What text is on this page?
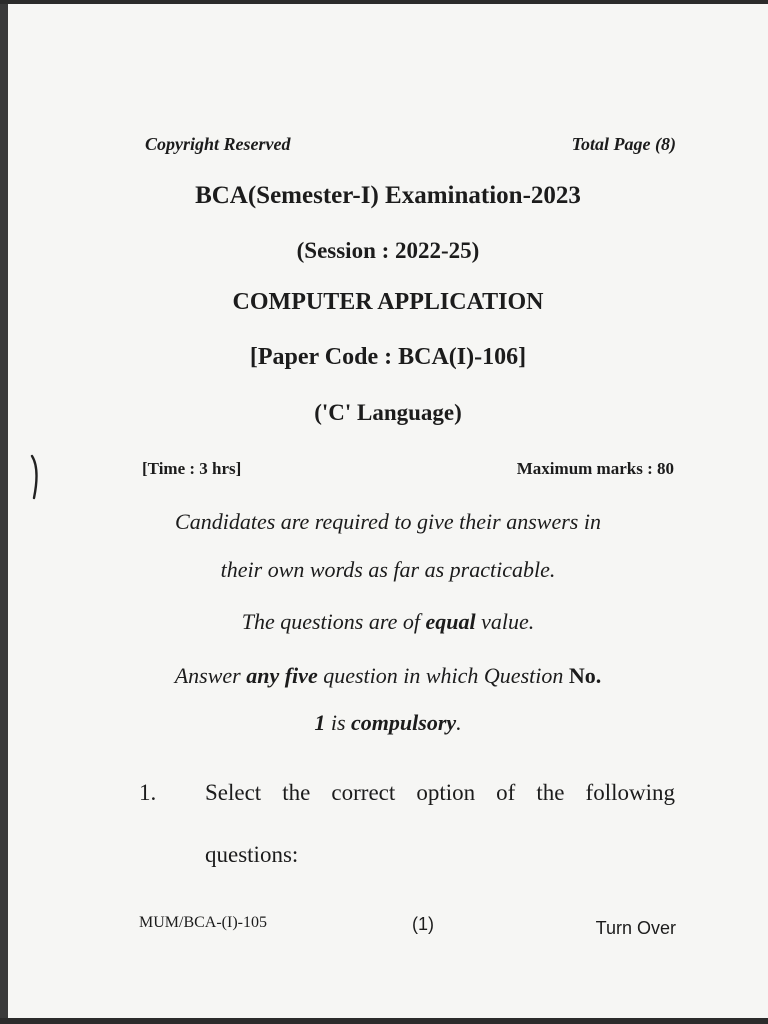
Copyright Reserved	Total Page (8)
BCA(Semester-I) Examination-2023
(Session : 2022-25)
COMPUTER APPLICATION
[Paper Code : BCA(I)-106]
('C' Language)
[Time : 3 hrs]	Maximum marks : 80
Candidates are required to give their answers in
their own words as far as practicable.
The questions are of equal value.
Answer any five question in which Question No.
1 is compulsory.
1. Select the correct option of the following
questions:
MUM/BCA-(I)-105	(1)	Turn Over
